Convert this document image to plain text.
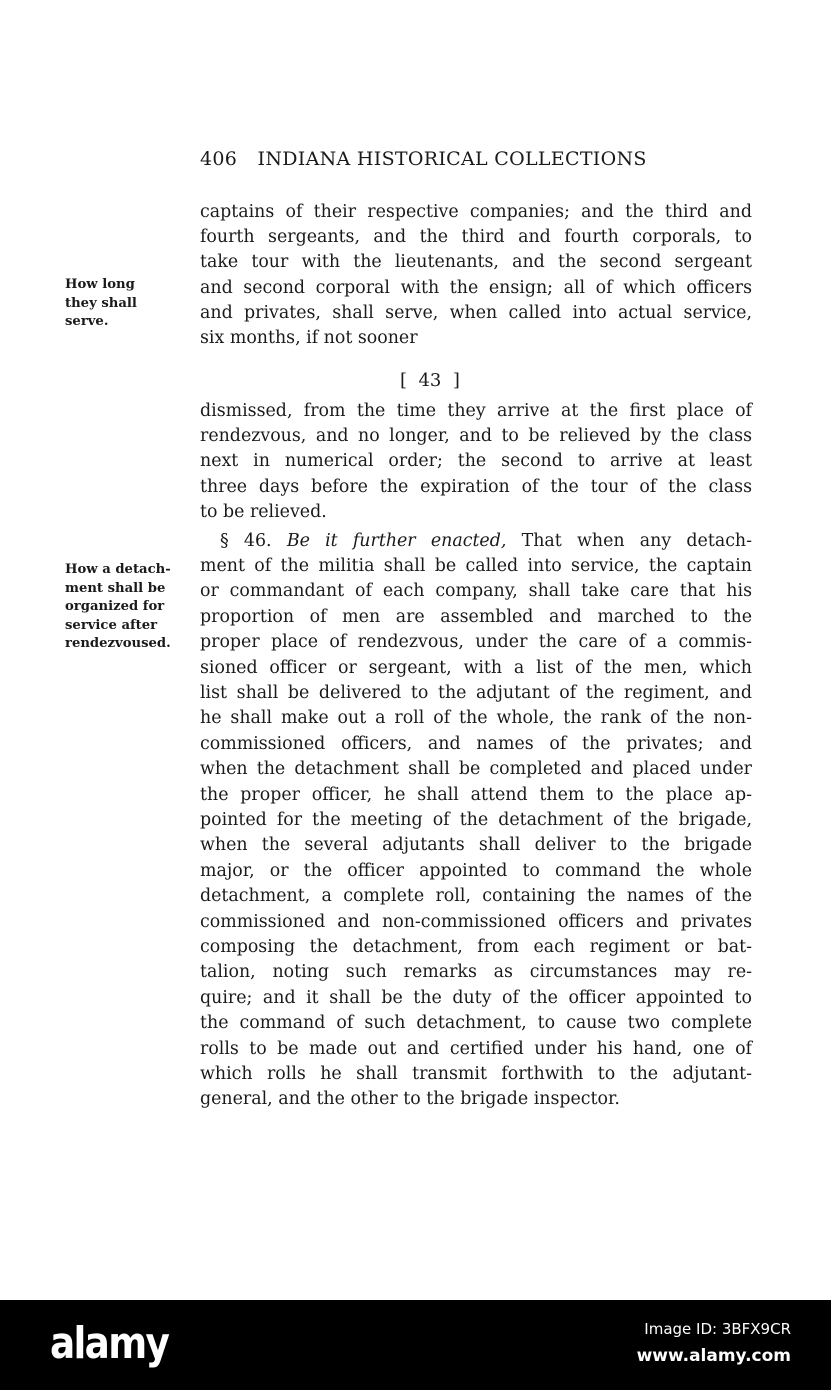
406 INDIANA HISTORICAL COLLECTIONS
captains of their respective companies; and the third and
fourth sergeants, and the third and fourth corporals, to
take tour with the lieutenants, and the second sergeant
and second corporal with the ensign; all of which officers
and privates, shall serve, when called into actual service,
six months, if not sooner
[  43  ]
dismissed, from the time they arrive at the first place of
rendezvous, and no longer, and to be relieved by the class
next in numerical order; the second to arrive at least
three days before the expiration of the tour of the class
to be relieved.
§ 46. Be it further enacted, That when any detach-
ment of the militia shall be called into service, the captain
or commandant of each company, shall take care that his
proportion of men are assembled and marched to the
proper place of rendezvous, under the care of a commis-
sioned officer or sergeant, with a list of the men, which
list shall be delivered to the adjutant of the regiment, and
he shall make out a roll of the whole, the rank of the non-
commissioned officers, and names of the privates; and
when the detachment shall be completed and placed under
the proper officer, he shall attend them to the place ap-
pointed for the meeting of the detachment of the brigade,
when the several adjutants shall deliver to the brigade
major, or the officer appointed to command the whole
detachment, a complete roll, containing the names of the
commissioned and non-commissioned officers and privates
composing the detachment, from each regiment or bat-
talion, noting such remarks as circumstances may re-
quire; and it shall be the duty of the officer appointed to
the command of such detachment, to cause two complete
rolls to be made out and certified under his hand, one of
which rolls he shall transmit forthwith to the adjutant-
general, and the other to the brigade inspector.
How long
they shall
serve.
How a detach-
ment shall be
organized for
service after
rendezvoused.
alamy	Image ID: 3BFX9CR
www.alamy.com
